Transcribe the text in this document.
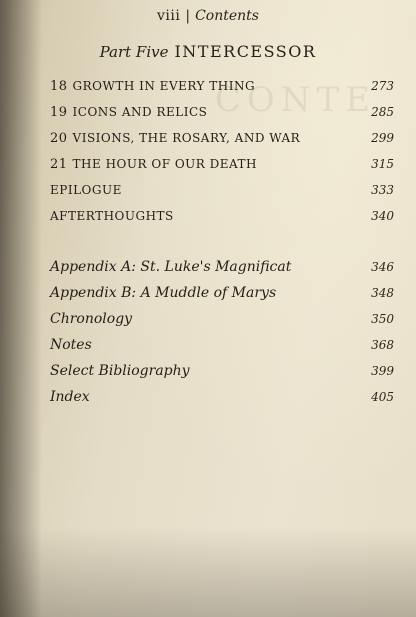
CONTE
viii | Contents
Part Five INTERCESSOR
18 GROWTH IN EVERY THING	273
19 ICONS AND RELICS	285
20 VISIONS, THE ROSARY, AND WAR	299
21 THE HOUR OF OUR DEATH	315
EPILOGUE	333
AFTERTHOUGHTS	340
Appendix A: St. Luke's Magnificat	346
Appendix B: A Muddle of Marys	348
Chronology	350
Notes	368
Select Bibliography	399
Index	405
